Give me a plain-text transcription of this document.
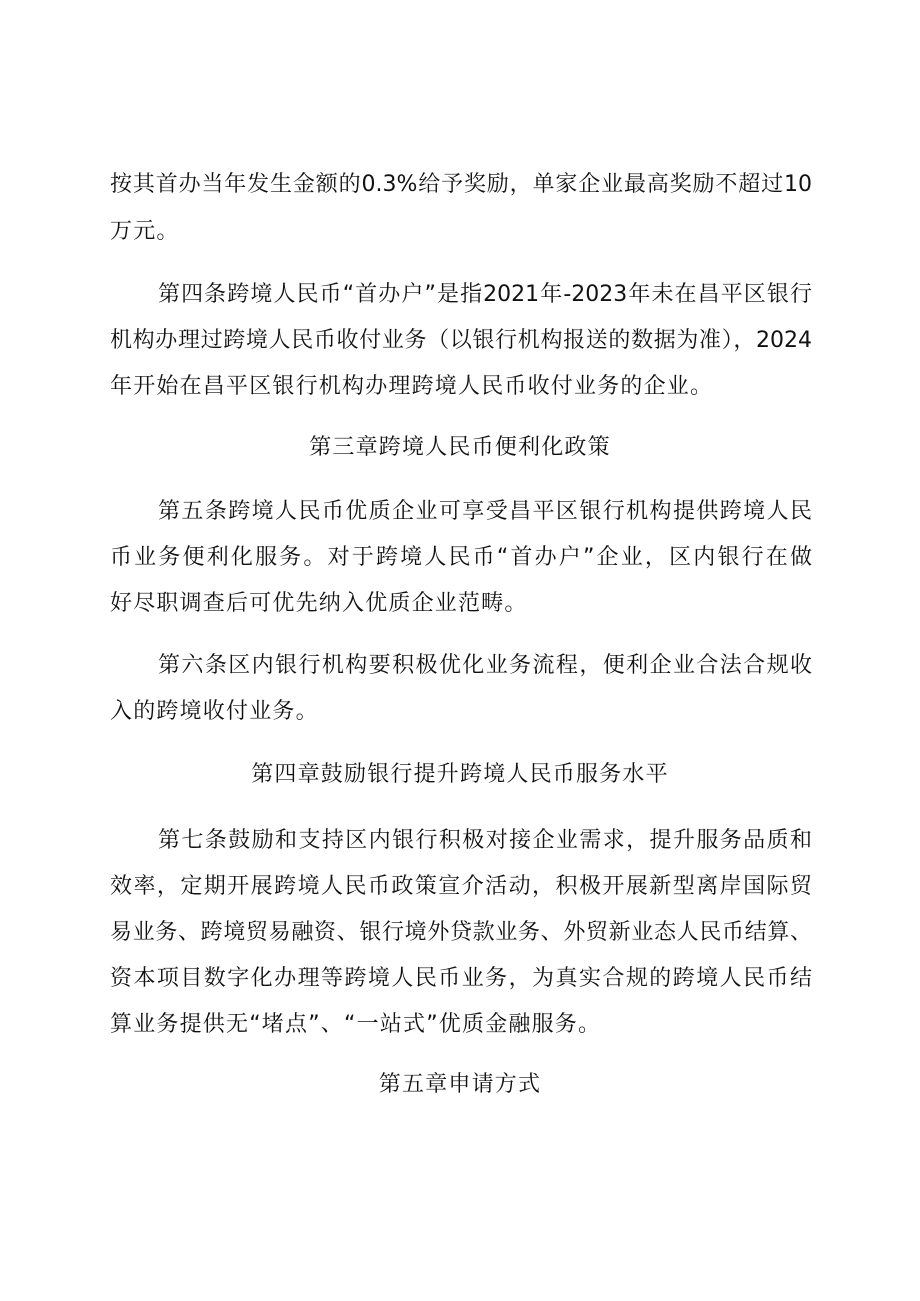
按其首办当年发生金额的0.3%给予奖励，单家企业最高奖励不超过10
万元。
第四条跨境人民币“首办户”是指2021年-2023年未在昌平区银行
机构办理过跨境人民币收付业务（以银行机构报送的数据为准），2024
年开始在昌平区银行机构办理跨境人民币收付业务的企业。
第三章跨境人民币便利化政策
第五条跨境人民币优质企业可享受昌平区银行机构提供跨境人民
币业务便利化服务。对于跨境人民币“首办户”企业，区内银行在做
好尽职调查后可优先纳入优质企业范畴。
第六条区内银行机构要积极优化业务流程，便利企业合法合规收
入的跨境收付业务。
第四章鼓励银行提升跨境人民币服务水平
第七条鼓励和支持区内银行积极对接企业需求，提升服务品质和
效率，定期开展跨境人民币政策宣介活动，积极开展新型离岸国际贸
易业务、跨境贸易融资、银行境外贷款业务、外贸新业态人民币结算、
资本项目数字化办理等跨境人民币业务，为真实合规的跨境人民币结
算业务提供无“堵点”、“一站式”优质金融服务。
第五章申请方式
